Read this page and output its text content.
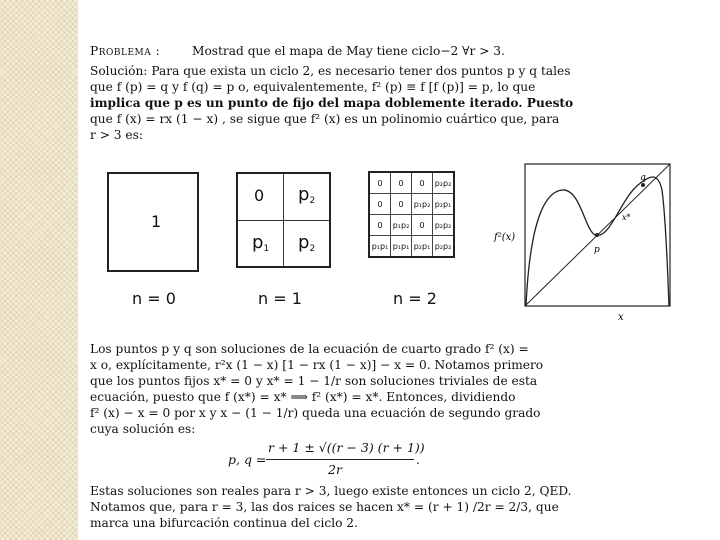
Problema :	Mostrad que el mapa de May tiene ciclo−2 ∀r > 3.
Solución: Para que exista un ciclo 2, es necesario tener dos puntos p y q tales
que f (p) = q y f (q) = p o, equivalentemente, f² (p) ≡ f [f (p)] = p, lo que
implica que p es un punto de fijo del mapa doblemente iterado. Puesto
que f (x) = rx (1 − x) , se sigue que f² (x) es un polinomio cuártico que, para
r > 3 es:
1
n = 0
0 $p_2$
$p_1$ $p_2$
n = 1
0	0	0	p₂p₂
0	0	p₁p₂	p₂p₁
0	p₁p₂	0	p₂p₂
p₁p₁	p₁p₁	p₂p₁	p₂p₂
n = 2
q
p
x*
f²(x)
x
Los puntos p y q son soluciones de la ecuación de cuarto grado f² (x) =
x o, explícitamente, r²x (1 − x) [1 − rx (1 − x)] − x = 0. Notamos primero
que los puntos fijos x* = 0 y x* = 1 − 1/r son soluciones triviales de esta
ecuación, puesto que f (x*) = x* ⟹ f² (x*) = x*. Entonces, dividiendo
f² (x) − x = 0 por x y x − (1 − 1/r) queda una ecuación de segundo grado
cuya solución es:
p, q =
r + 1 ± √((r − 3) (r + 1))
2r
.
Estas soluciones son reales para r > 3, luego existe entonces un ciclo 2, QED.
Notamos que, para r = 3, las dos raices se hacen x* = (r + 1) /2r = 2/3, que
marca una bifurcación continua del ciclo 2.
